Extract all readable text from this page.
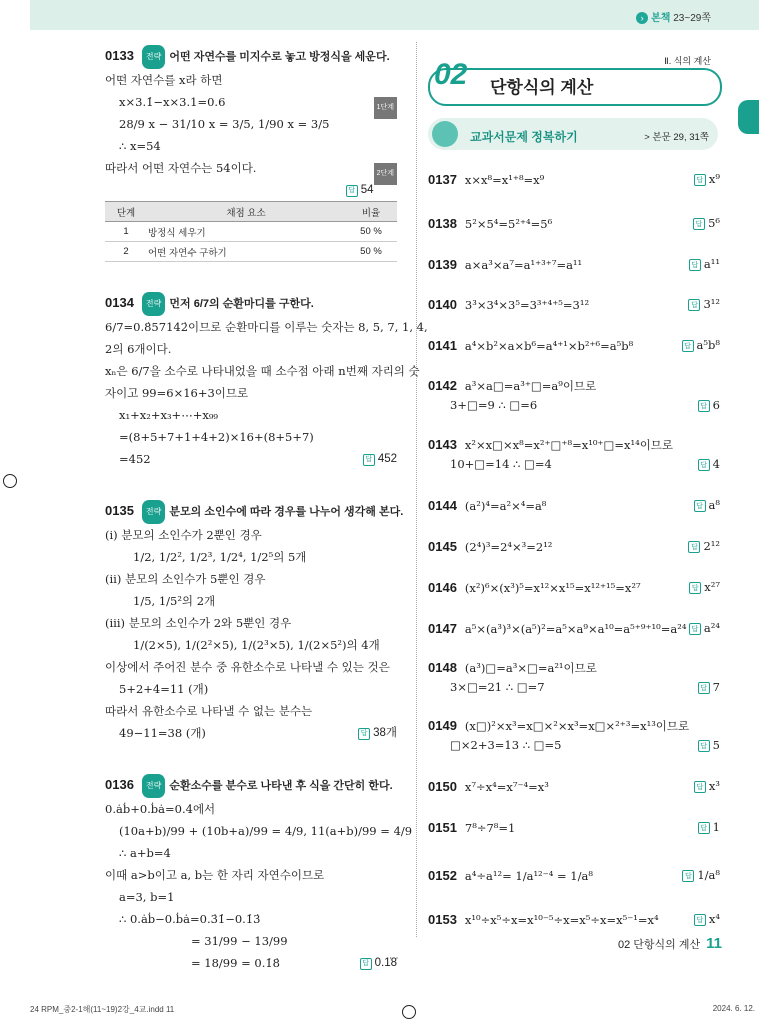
› 본책 23~29쪽
0133 전략 어떤 자연수를 미지수로 놓고 방정식을 세운다.
어떤 자연수를 x라 하면
x×3.1̇−x×3.1=0.6	1단계
28/9 x − 31/10 x = 3/5, 1/90 x = 3/5
∴ x=54
따라서 어떤 자연수는 54이다.	2단계
답 54
단계	채점 요소	비율
1	방정식 세우기	50 %
2	어떤 자연수 구하기	50 %
0134 전략 먼저 6/7의 순환마디를 구한다.
6/7=0.8̇57142̇이므로 순환마디를 이루는 숫자는 8, 5, 7, 1, 4,
2의 6개이다.
xₙ은 6/7을 소수로 나타내었을 때 소수점 아래 n번째 자리의 숫
자이고 99=6×16+3이므로
x₁+x₂+x₃+⋯+x₉₉
=(8+5+7+1+4+2)×16+(8+5+7)
=452	답 452
0135 전략 분모의 소인수에 따라 경우를 나누어 생각해 본다.
(ⅰ) 분모의 소인수가 2뿐인 경우
1/2, 1/2², 1/2³, 1/2⁴, 1/2⁵의 5개
(ⅱ) 분모의 소인수가 5뿐인 경우
1/5, 1/5²의 2개
(ⅲ) 분모의 소인수가 2와 5뿐인 경우
1/(2×5), 1/(2²×5), 1/(2³×5), 1/(2×5²)의 4개
이상에서 주어진 분수 중 유한소수로 나타낼 수 있는 것은
5+2+4=11 (개)
따라서 유한소수로 나타낼 수 없는 분수는
49−11=38 (개)	답 38개
0136 전략 순환소수를 분수로 나타낸 후 식을 간단히 한다.
0.ȧḃ+0.ḃȧ=0.4̇에서
(10a+b)/99 + (10b+a)/99 = 4/9, 11(a+b)/99 = 4/9
∴ a+b=4
이때 a>b이고 a, b는 한 자리 자연수이므로
a=3, b=1
∴ 0.ȧḃ−0.ḃȧ=0.3̇1̇−0.1̇3̇
= 31/99 − 13/99
= 18/99 = 0.1̇8̇	답 0.1̇8̇
Ⅱ. 식의 계산
02 단항식의 계산
교과서문제 정복하기	> 본문 29, 31쪽
0137 x×x⁸=x¹⁺⁸=x⁹	답 x⁹
0138 5²×5⁴=5²⁺⁴=5⁶	답 5⁶
0139 a×a³×a⁷=a¹⁺³⁺⁷=a¹¹	답 a¹¹
0140 3³×3⁴×3⁵=3³⁺⁴⁺⁵=3¹²	답 3¹²
0141 a⁴×b²×a×b⁶=a⁴⁺¹×b²⁺⁶=a⁵b⁸	답 a⁵b⁸
0142 a³×a□=a³⁺□=a⁹이므로
3+□=9 ∴ □=6	답 6
0143 x²×x□×x⁸=x²⁺□⁺⁸=x¹⁰⁺□=x¹⁴이므로
10+□=14 ∴ □=4	답 4
0144 (a²)⁴=a²×⁴=a⁸	답 a⁸
0145 (2⁴)³=2⁴×³=2¹²	답 2¹²
0146 (x²)⁶×(x³)⁵=x¹²×x¹⁵=x¹²⁺¹⁵=x²⁷	답 x²⁷
0147 a⁵×(a³)³×(a⁵)²=a⁵×a⁹×a¹⁰=a⁵⁺⁹⁺¹⁰=a²⁴ 답 a²⁴
0148 (a³)□=a³×□=a²¹이므로
3×□=21 ∴ □=7	답 7
0149 (x□)²×x³=x□×²×x³=x□×²⁺³=x¹³이므로
□×2+3=13 ∴ □=5	답 5
0150 x⁷÷x⁴=x⁷⁻⁴=x³	답 x³
0151 7⁸÷7⁸=1	답 1
0152 a⁴÷a¹²= 1/a¹²⁻⁴ = 1/a⁸	답 1/a⁸
0153 x¹⁰÷x⁵÷x=x¹⁰⁻⁵÷x=x⁵÷x=x⁵⁻¹=x⁴	답 x⁴
02 단항식의 계산 11
24 RPM_중2-1해(11~19)2강_4교.indd 11	2024. 6. 12.
